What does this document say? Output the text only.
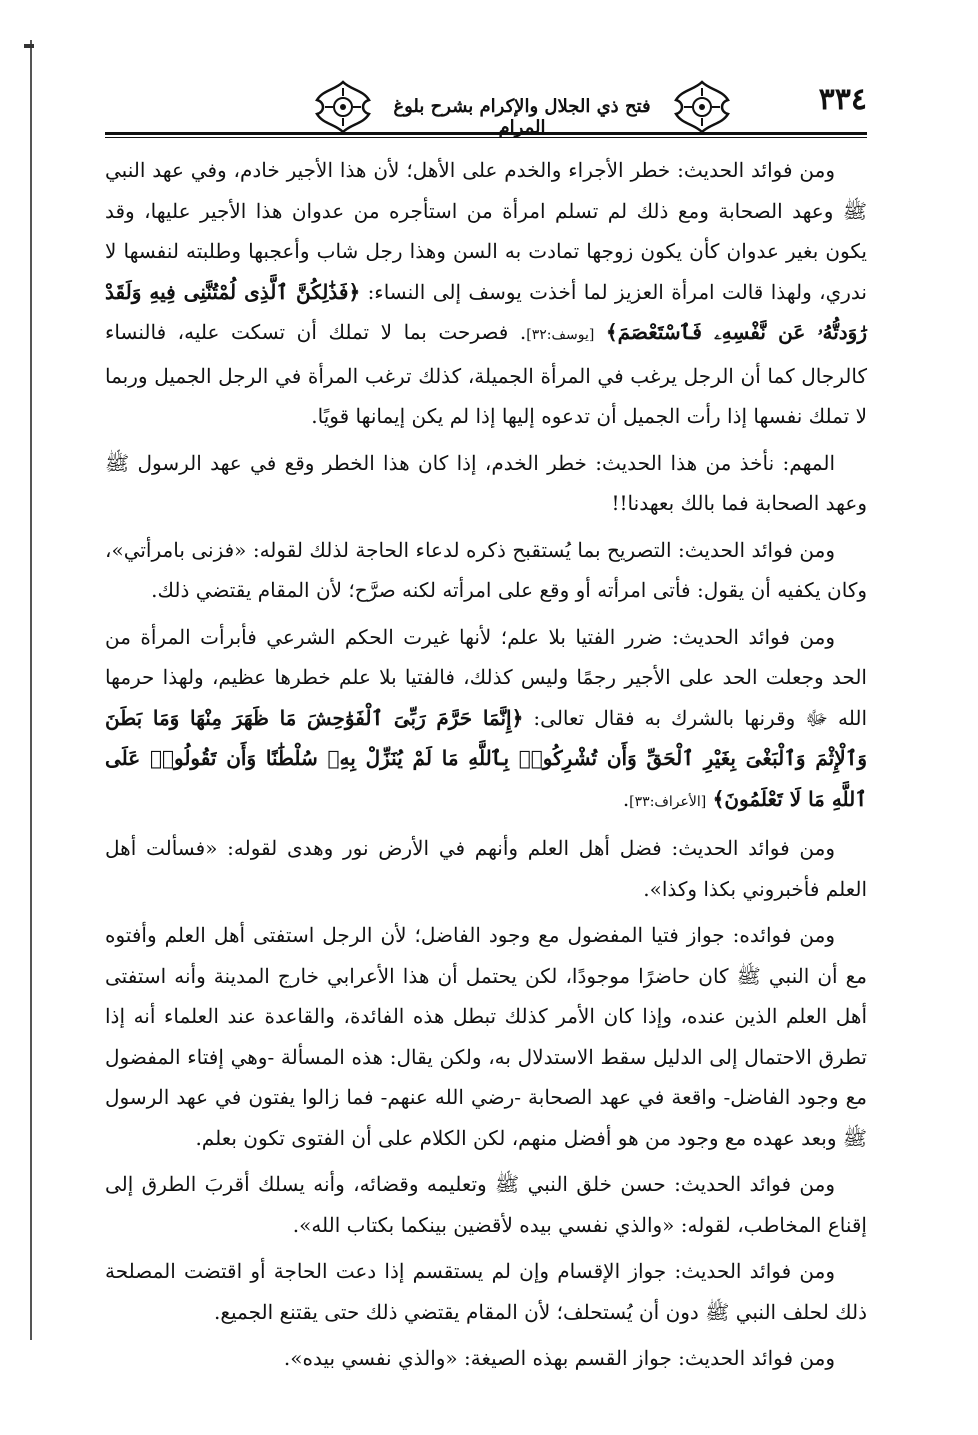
٣٣٤
فتح ذي الجلال والإكرام بشرح بلوغ المرام

ومن فوائد الحديث: خطر الأجراء والخدم على الأهل؛ لأن هذا الأجير خادم، وفي عهد النبي ﷺ وعهد الصحابة ومع ذلك لم تسلم امرأة من استأجره من عدوان هذا الأجير عليها، وقد يكون بغير عدوان كأن يكون زوجها تمادت به السن وهذا رجل شاب وأعجبها وطلبته لنفسها لا ندري، ولهذا قالت امرأة العزيز لما أخذت يوسف إلى النساء: ﴿فَذَٰلِكُنَّ ٱلَّذِى لُمْتُنَّنِى فِيهِ وَلَقَدْ رَٰوَدتُّهُۥ عَن نَّفْسِهِۦ فَٱسْتَعْصَمَ﴾ [يوسف:٣٢]. فصرحت بما لا تملك أن تسكت عليه، فالنساء كالرجال كما أن الرجل يرغب في المرأة الجميلة، كذلك ترغب المرأة في الرجل الجميل وربما لا تملك نفسها إذا رأت الجميل أن تدعوه إليها إذا لم يكن إيمانها قويًا.

المهم: نأخذ من هذا الحديث: خطر الخدم، إذا كان هذا الخطر وقع في عهد الرسول ﷺ وعهد الصحابة فما بالك بعهدنا!!

ومن فوائد الحديث: التصريح بما يُستقبح ذكره لدعاء الحاجة لذلك لقوله: «فزنى بامرأتي»، وكان يكفيه أن يقول: فأتى امرأته أو وقع على امرأته لكنه صرَّح؛ لأن المقام يقتضي ذلك.

ومن فوائد الحديث: ضرر الفتيا بلا علم؛ لأنها غيرت الحكم الشرعي فأبرأت المرأة من الحد وجعلت الحد على الأجير رجمًا وليس كذلك، فالفتيا بلا علم خطرها عظيم، ولهذا حرمها الله ﷻ وقرنها بالشرك به فقال تعالى: ﴿إِنَّمَا حَرَّمَ رَبِّىَ ٱلْفَوَٰحِشَ مَا ظَهَرَ مِنْهَا وَمَا بَطَنَ وَٱلْإِثْمَ وَٱلْبَغْىَ بِغَيْرِ ٱلْحَقِّ وَأَن تُشْرِكُوا۟ بِٱللَّهِ مَا لَمْ يُنَزِّلْ بِهِۦ سُلْطَٰنًا وَأَن تَقُولُوا۟ عَلَى ٱللَّهِ مَا لَا تَعْلَمُونَ﴾ [الأعراف:٣٣].

ومن فوائد الحديث: فضل أهل العلم وأنهم في الأرض نور وهدى لقوله: «فسألت أهل العلم فأخبروني بكذا وكذا».

ومن فوائده: جواز فتيا المفضول مع وجود الفاضل؛ لأن الرجل استفتى أهل العلم وأفتوه مع أن النبي ﷺ كان حاضرًا موجودًا، لكن يحتمل أن هذا الأعرابي خارج المدينة وأنه استفتى أهل العلم الذين عنده، وإذا كان الأمر كذلك تبطل هذه الفائدة، والقاعدة عند العلماء أنه إذا تطرق الاحتمال إلى الدليل سقط الاستدلال به، ولكن يقال: هذه المسألة -وهي إفتاء المفضول مع وجود الفاضل- واقعة في عهد الصحابة -رضي الله عنهم- فما زالوا يفتون في عهد الرسول ﷺ وبعد عهده مع وجود من هو أفضل منهم، لكن الكلام على أن الفتوى تكون بعلم.

ومن فوائد الحديث: حسن خلق النبي ﷺ وتعليمه وقضائه، وأنه يسلك أقربَ الطرق إلى إقناع المخاطب، لقوله: «والذي نفسي بيده لأقضين بينكما بكتاب الله».

ومن فوائد الحديث: جواز الإقسام وإن لم يستقسم إذا دعت الحاجة أو اقتضت المصلحة ذلك لحلف النبي ﷺ دون أن يُستحلف؛ لأن المقام يقتضي ذلك حتى يقتنع الجميع.

ومن فوائد الحديث: جواز القسم بهذه الصيغة: «والذي نفسي بيده».
